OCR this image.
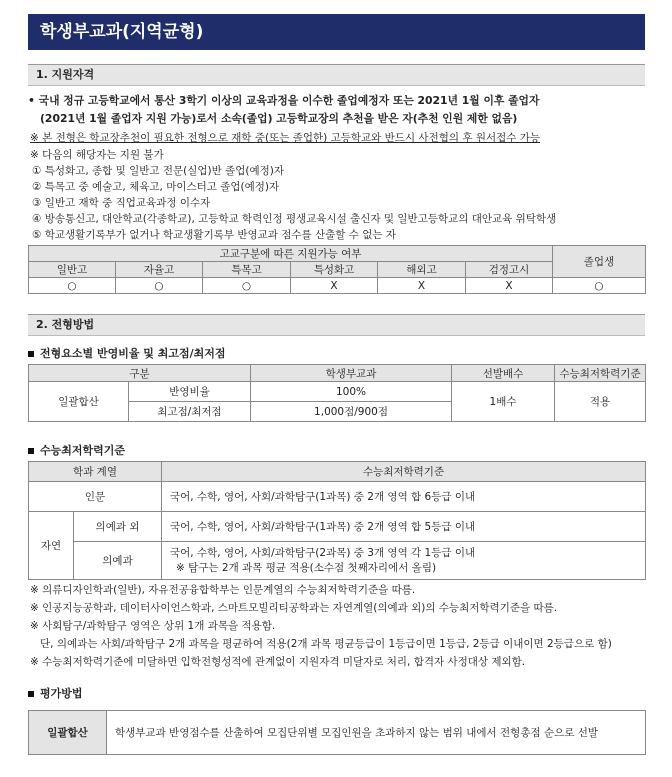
학생부교과(지역균형)
1. 지원자격
• 국내 정규 고등학교에서 통산 3학기 이상의 교육과정을 이수한 졸업예정자 또는 2021년 1월 이후 졸업자
(2021년 1월 졸업자 지원 가능)로서 소속(졸업) 고등학교장의 추천을 받은 자(추천 인원 제한 없음)
※ 본 전형은 학교장추천이 필요한 전형으로 재학 중(또는 졸업한) 고등학교와 반드시 사전협의 후 원서접수 가능
※ 다음의 해당자는 지원 불가
① 특성화고, 종합 및 일반고 전문(실업)반 졸업(예정)자
② 특목고 중 예술고, 체육고, 마이스터고 졸업(예정)자
③ 일반고 재학 중 직업교육과정 이수자
④ 방송통신고, 대안학교(각종학교), 고등학교 학력인정 평생교육시설 출신자 및 일반고등학교의 대안교육 위탁학생
⑤ 학교생활기록부가 없거나 학교생활기록부 반영교과 점수를 산출할 수 없는 자
고교구분에 따른 지원가능 여부						졸업생
일반고	자율고	특목고	특성화고	해외고	검정고시	
○	○	○	X	X	X	○
2. 전형방법
전형요소별 반영비율 및 최고점/최저점
구분		학생부교과	선발배수	수능최저학력기준
일괄합산	반영비율	100%	1배수	적용
	최고점/최저점	1,000점/900점		
수능최저학력기준
학과 계열		수능최저학력기준
인문		국어, 수학, 영어, 사회/과학탐구(1과목) 중 2개 영역 합 6등급 이내
자연	의예과 외	국어, 수학, 영어, 사회/과학탐구(1과목) 중 2개 영역 합 5등급 이내
	의예과	국어, 수학, 영어, 사회/과학탐구(2과목) 중 3개 영역 각 1등급 이내
※ 탐구는 2개 과목 평균 적용(소수점 첫째자리에서 올림)
※ 의류디자인학과(일반), 자유전공융합학부는 인문계열의 수능최저학력기준을 따름.
※ 인공지능공학과, 데이터사이언스학과, 스마트모빌리티공학과는 자연계열(의예과 외)의 수능최저학력기준을 따름.
※ 사회탐구/과학탐구 영역은 상위 1개 과목을 적용함.
단, 의예과는 사회/과학탐구 2개 과목을 평균하여 적용(2개 과목 평균등급이 1등급이면 1등급, 2등급 이내이면 2등급으로 함)
※ 수능최저학력기준에 미달하면 입학전형성적에 관계없이 지원자격 미달자로 처리, 합격자 사정대상 제외함.
평가방법
일괄합산	학생부교과 반영점수를 산출하여 모집단위별 모집인원을 초과하지 않는 범위 내에서 전형총점 순으로 선발
